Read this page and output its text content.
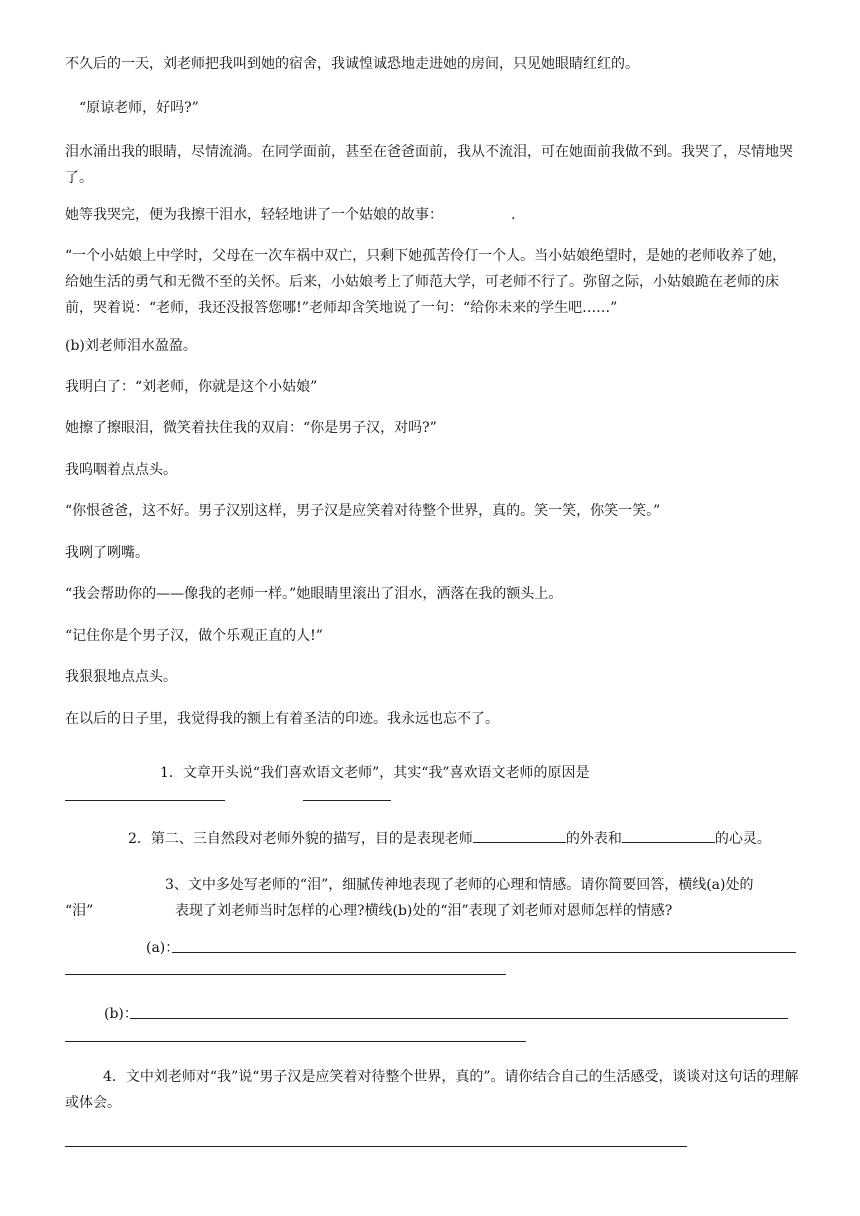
不久后的一天，刘老师把我叫到她的宿舍，我诚惶诚恐地走进她的房间，只见她眼睛红红的。

“原谅老师，好吗?”

泪水涌出我的眼睛，尽情流淌。在同学面前，甚至在爸爸面前，我从不流泪，可在她面前我做不到。我哭了，尽情地哭了。

她等我哭完，便为我擦干泪水，轻轻地讲了一个姑娘的故事：	.

“一个小姑娘上中学时，父母在一次车祸中双亡，只剩下她孤苦伶仃一个人。当小姑娘绝望时，是她的老师收养了她，给她生活的勇气和无微不至的关怀。后来，小姑娘考上了师范大学，可老师不行了。弥留之际，小姑娘跪在老师的床前，哭着说：“老师，我还没报答您哪!”老师却含笑地说了一句：“给你未来的学生吧……”

(b)刘老师泪水盈盈。

我明白了：“刘老师，你就是这个小姑娘”

她擦了擦眼泪，微笑着扶住我的双肩：“你是男子汉，对吗?”

我呜咽着点点头。

“你恨爸爸，这不好。男子汉别这样，男子汉是应笑着对待整个世界，真的。笑一笑，你笑一笑。”

我咧了咧嘴。

“我会帮助你的——像我的老师一样。”她眼睛里滚出了泪水，洒落在我的额头上。

“记住你是个男子汉，做个乐观正直的人!”

我狠狠地点点头。

在以后的日子里，我觉得我的额上有着圣洁的印迹。我永远也忘不了。

1．文章开头说“我们喜欢语文老师”，其实“我”喜欢语文老师的原因是

2．第二、三自然段对老师外貌的描写，目的是表现老师	的外表和	的心灵。

3、文中多处写老师的“泪”，细腻传神地表现了老师的心理和情感。请你简要回答，横线(a)处的

“泪”	表现了刘老师当时怎样的心理?横线(b)处的“泪”表现了刘老师对恩师怎样的情感?

(a)：

(b)：

4．文中刘老师对“我”说“男子汉是应笑着对待整个世界，真的”。请你结合自己的生活感受，谈谈对这句话的理解或体会。
